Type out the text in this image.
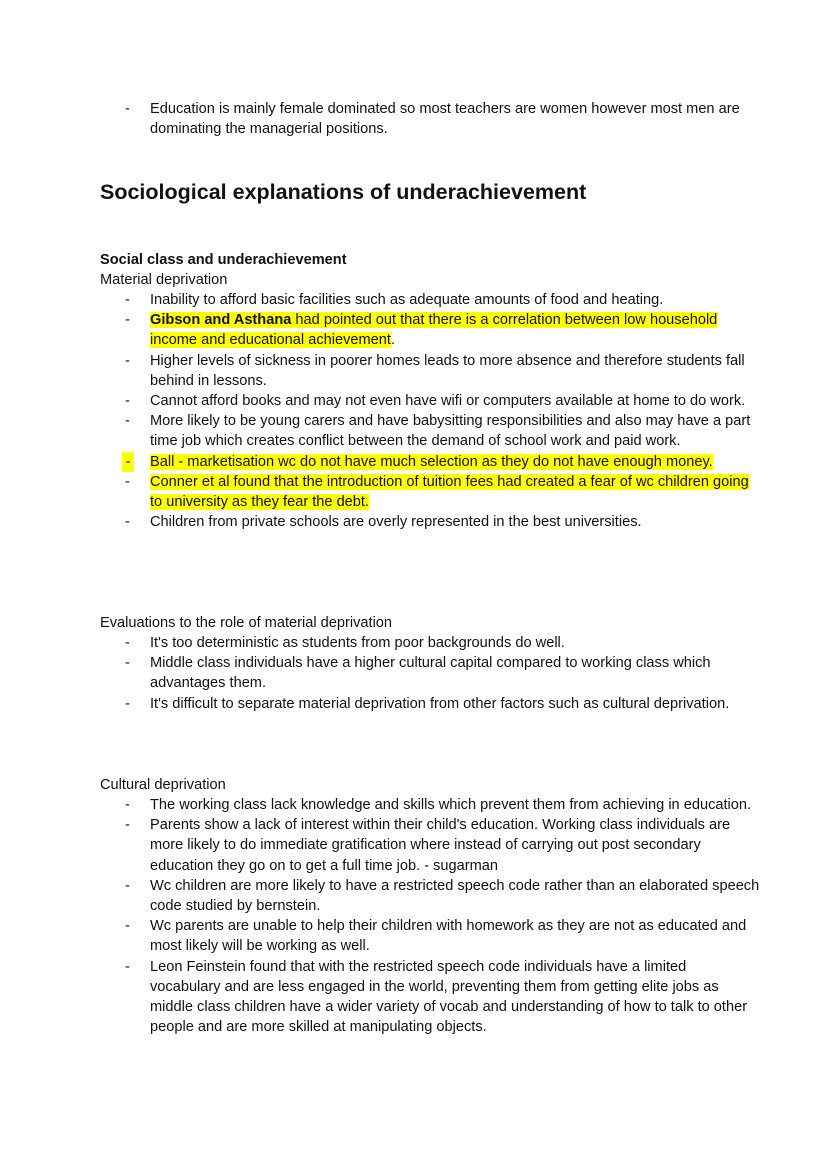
- Education is mainly female dominated so most teachers are women however most men are dominating the managerial positions.
Sociological explanations of underachievement
Social class and underachievement
Material deprivation
- Inability to afford basic facilities such as adequate amounts of food and heating.
- Gibson and Asthana had pointed out that there is a correlation between low household income and educational achievement.
- Higher levels of sickness in poorer homes leads to more absence and therefore students fall behind in lessons.
- Cannot afford books and may not even have wifi or computers available at home to do work.
- More likely to be young carers and have babysitting responsibilities and also may have a part time job which creates conflict between the demand of school work and paid work.
- Ball - marketisation wc do not have much selection as they do not have enough money.
- Conner et al found that the introduction of tuition fees had created a fear of wc children going to university as they fear the debt.
- Children from private schools are overly represented in the best universities.
Evaluations to the role of material deprivation
- It's too deterministic as students from poor backgrounds do well.
- Middle class individuals have a higher cultural capital compared to working class which advantages them.
- It's difficult to separate material deprivation from other factors such as cultural deprivation.
Cultural deprivation
- The working class lack knowledge and skills which prevent them from achieving in education.
- Parents show a lack of interest within their child's education. Working class individuals are more likely to do immediate gratification where instead of carrying out post secondary education they go on to get a full time job. - sugarman
- Wc children are more likely to have a restricted speech code rather than an elaborated speech code studied by bernstein.
- Wc parents are unable to help their children with homework as they are not as educated and most likely will be working as well.
- Leon Feinstein found that with the restricted speech code individuals have a limited vocabulary and are less engaged in the world, preventing them from getting elite jobs as middle class children have a wider variety of vocab and understanding of how to talk to other people and are more skilled at manipulating objects.
